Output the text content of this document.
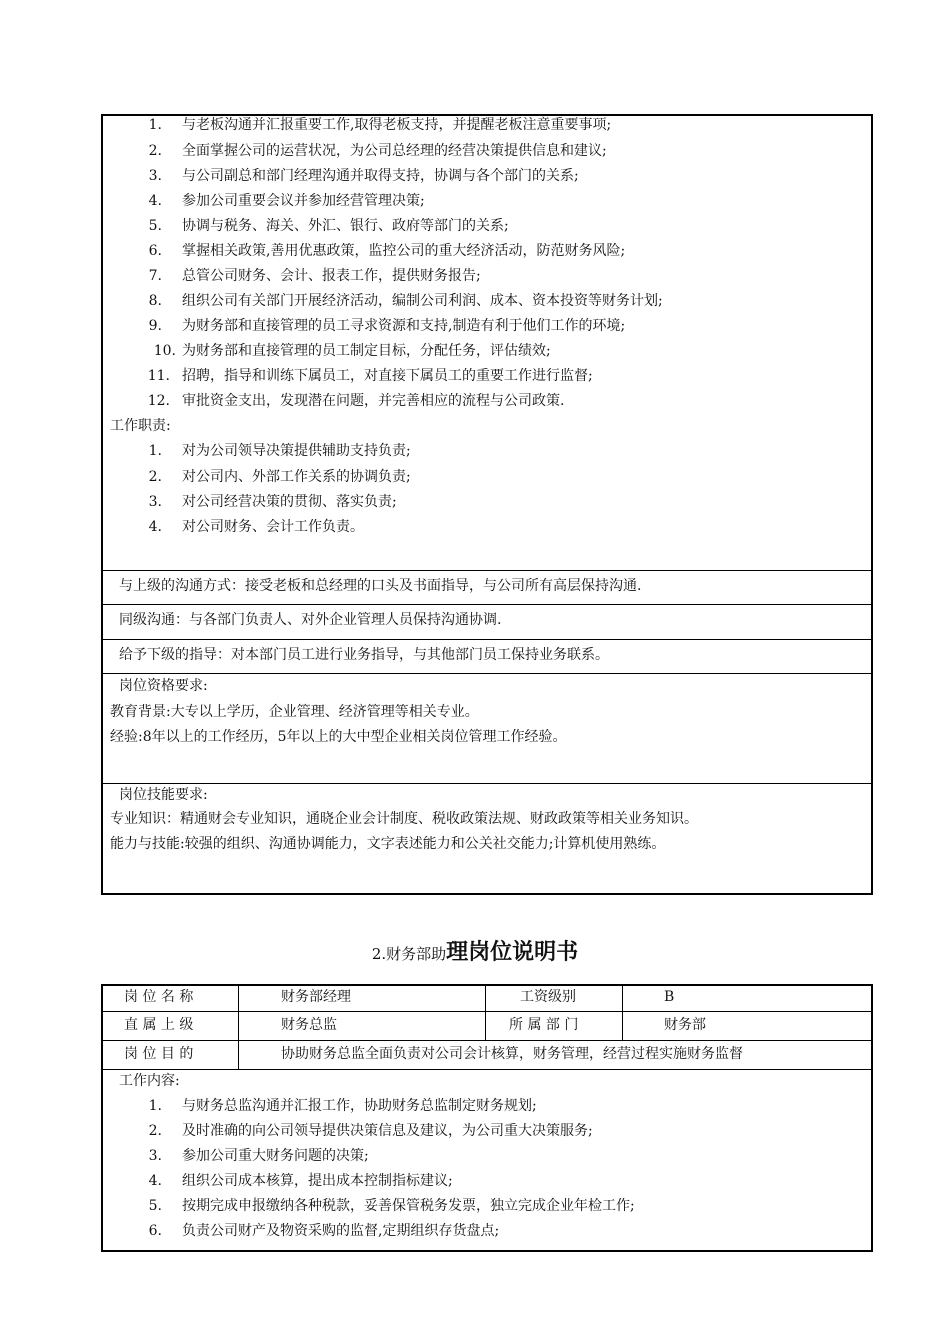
1. 与老板沟通并汇报重要工作,取得老板支持，并提醒老板注意重要事项;
2. 全面掌握公司的运营状况，为公司总经理的经营决策提供信息和建议;
3. 与公司副总和部门经理沟通并取得支持，协调与各个部门的关系;
4. 参加公司重要会议并参加经营管理决策;
5. 协调与税务、海关、外汇、银行、政府等部门的关系;
6. 掌握相关政策,善用优惠政策，监控公司的重大经济活动，防范财务风险;
7. 总管公司财务、会计、报表工作，提供财务报告;
8. 组织公司有关部门开展经济活动，编制公司利润、成本、资本投资等财务计划;
9. 为财务部和直接管理的员工寻求资源和支持,制造有利于他们工作的环境;
10. 为财务部和直接管理的员工制定目标，分配任务，评估绩效;
11. 招聘，指导和训练下属员工，对直接下属员工的重要工作进行监督;
12. 审批资金支出，发现潜在问题，并完善相应的流程与公司政策.
工作职责:
1. 对为公司领导决策提供辅助支持负责;
2. 对公司内、外部工作关系的协调负责;
3. 对公司经营决策的贯彻、落实负责;
4. 对公司财务、会计工作负责。
与上级的沟通方式：接受老板和总经理的口头及书面指导，与公司所有高层保持沟通.
同级沟通：与各部门负责人、对外企业管理人员保持沟通协调.
给予下级的指导：对本部门员工进行业务指导，与其他部门员工保持业务联系。
岗位资格要求:
教育背景:大专以上学历，企业管理、经济管理等相关专业。
经验:8年以上的工作经历，5年以上的大中型企业相关岗位管理工作经验。
岗位技能要求:
专业知识：精通财会专业知识，通晓企业会计制度、税收政策法规、财政政策等相关业务知识。
能力与技能:较强的组织、沟通协调能力，文字表述能力和公关社交能力;计算机使用熟练。
2.财务部助理岗位说明书
岗 位 名 称	财务部经理	工资级别	B
直 属 上 级	财务总监	所 属 部 门	财务部
岗 位 目 的	协助财务总监全面负责对公司会计核算，财务管理，经营过程实施财务监督
工作内容:
1. 与财务总监沟通并汇报工作，协助财务总监制定财务规划;
2. 及时准确的向公司领导提供决策信息及建议，为公司重大决策服务;
3. 参加公司重大财务问题的决策;
4. 组织公司成本核算，提出成本控制指标建议;
5. 按期完成申报缴纳各种税款，妥善保管税务发票，独立完成企业年检工作;
6. 负责公司财产及物资采购的监督,定期组织存货盘点;
